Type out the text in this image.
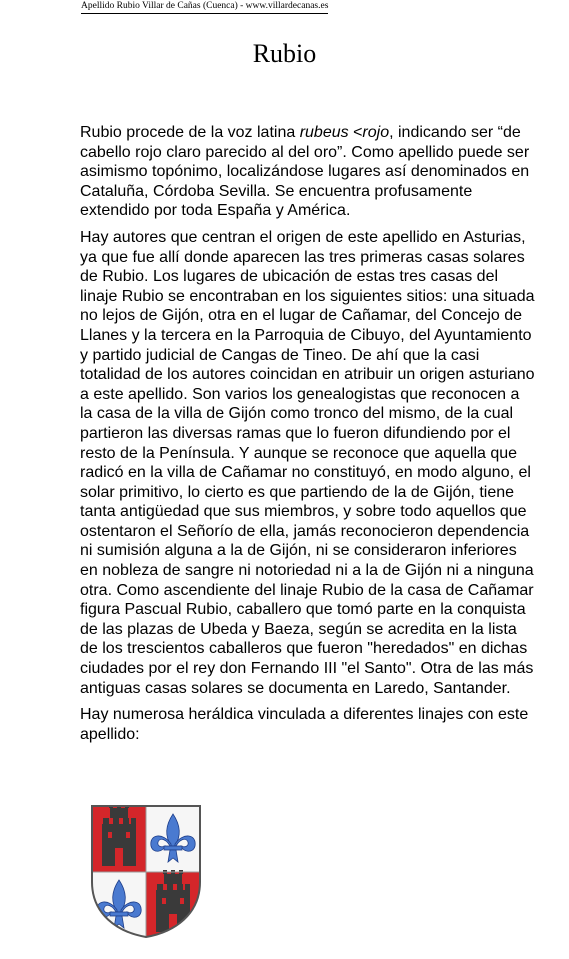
Apellido Rubio Villar de Cañas (Cuenca) - www.villardecanas.es
Rubio

Rubio procede de la voz latina rubeus <rojo, indicando ser “de cabello rojo claro parecido al del oro”. Como apellido puede ser asimismo topónimo, localizándose lugares así denominados en Cataluña, Córdoba Sevilla. Se encuentra profusamente extendido por toda España y América.

Hay autores que centran el origen de este apellido en Asturias, ya que fue allí donde aparecen las tres primeras casas solares de Rubio. Los lugares de ubicación de estas tres casas del linaje Rubio se encontraban en los siguientes sitios: una situada no lejos de Gijón, otra en el lugar de Cañamar, del Concejo de Llanes y la tercera en la Parroquia de Cibuyo, del Ayuntamiento y partido judicial de Cangas de Tineo. De ahí que la casi totalidad de los autores coincidan en atribuir un origen asturiano a este apellido. Son varios los genealogistas que reconocen a la casa de la villa de Gijón como tronco del mismo, de la cual partieron las diversas ramas que lo fueron difundiendo por el resto de la Península. Y aunque se reconoce que aquella que radicó en la villa de Cañamar no constituyó, en modo alguno, el solar primitivo, lo cierto es que partiendo de la de Gijón, tiene tanta antigüedad que sus miembros, y sobre todo aquellos que ostentaron el Señorío de ella, jamás reconocieron dependencia ni sumisión alguna a la de Gijón, ni se consideraron inferiores en nobleza de sangre ni notoriedad ni a la de Gijón ni a ninguna otra. Como ascendiente del linaje Rubio de la casa de Cañamar figura Pascual Rubio, caballero que tomó parte en la conquista de las plazas de Ubeda y Baeza, según se acredita en la lista de los trescientos caballeros que fueron "heredados" en dichas ciudades por el rey don Fernando III "el Santo". Otra de las más antiguas casas solares se documenta en Laredo, Santander.

Hay numerosa heráldica vinculada a diferentes linajes con este apellido:
